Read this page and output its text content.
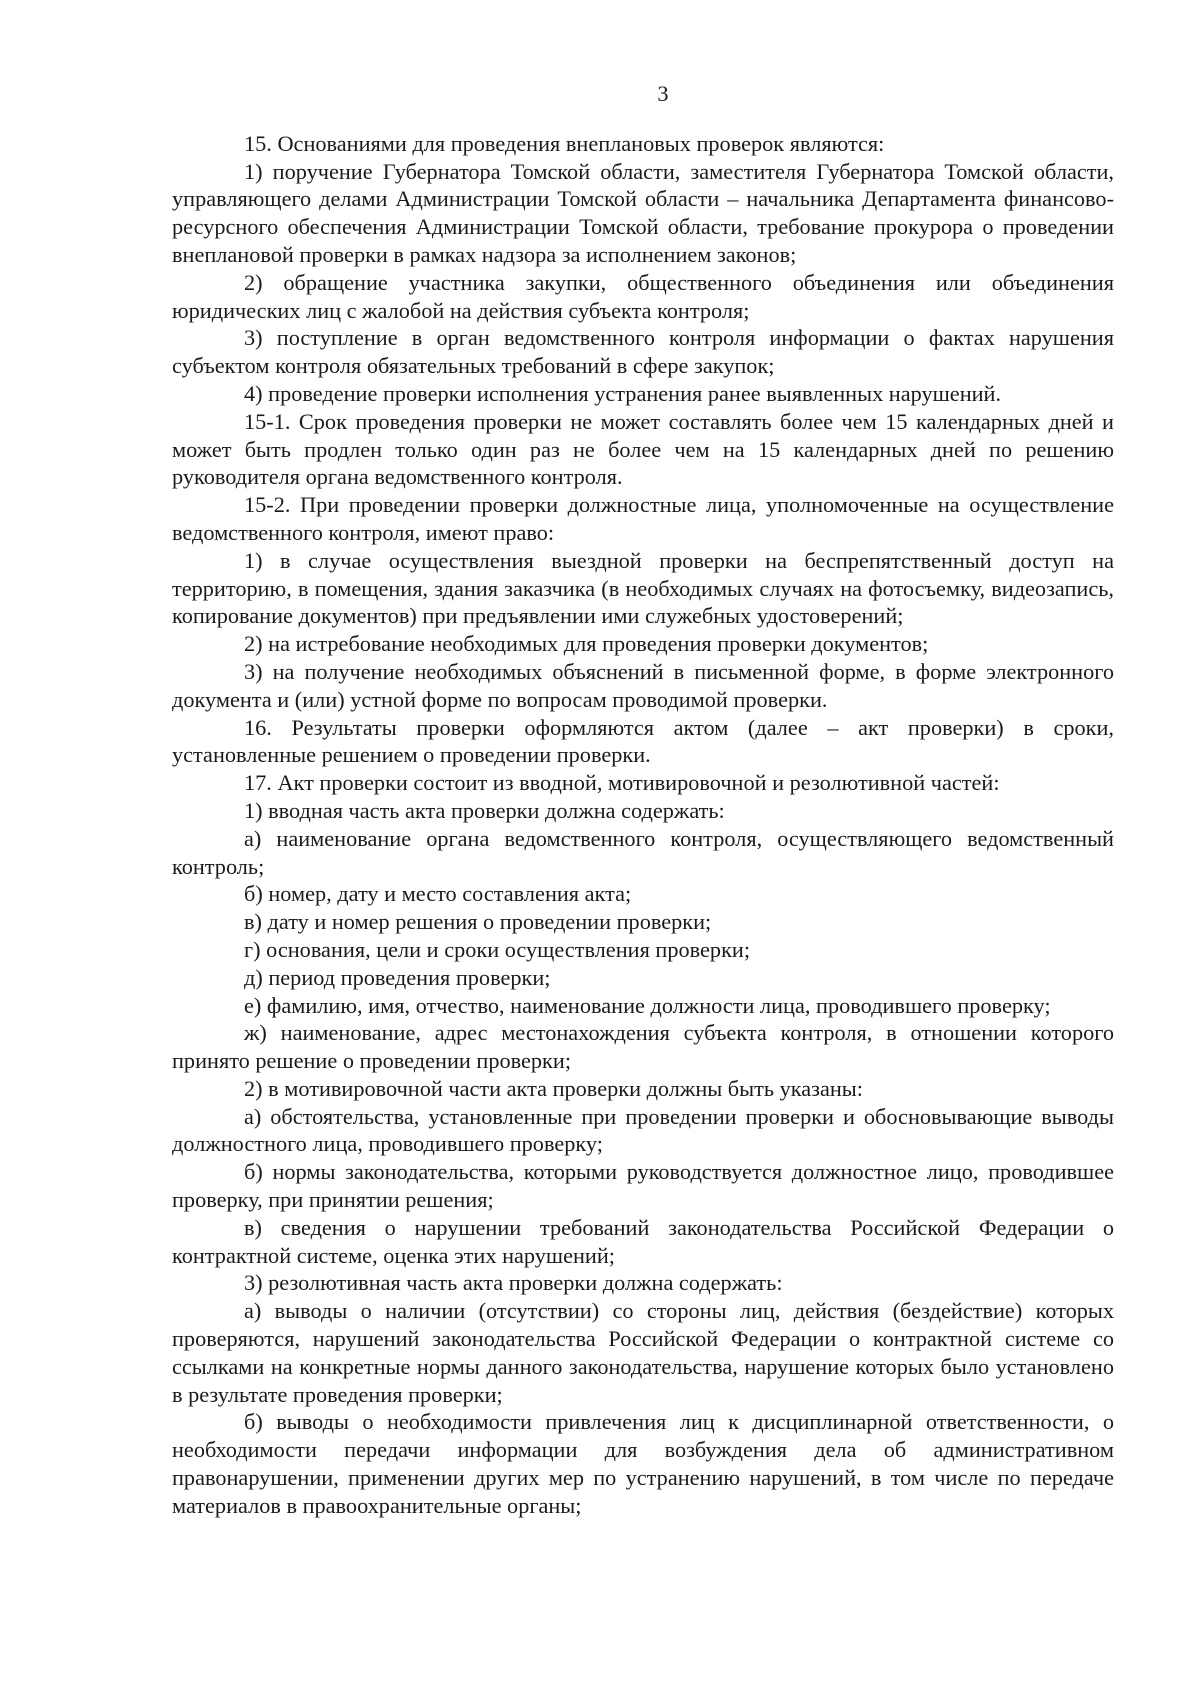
3

15. Основаниями для проведения внеплановых проверок являются:

1) поручение Губернатора Томской области, заместителя Губернатора Томской области, управляющего делами Администрации Томской области – начальника Департамента финансово-ресурсного обеспечения Администрации Томской области, требование прокурора о проведении внеплановой проверки в рамках надзора за исполнением законов;

2) обращение участника закупки, общественного объединения или объединения юридических лиц с жалобой на действия субъекта контроля;

3) поступление в орган ведомственного контроля информации о фактах нарушения субъектом контроля обязательных требований в сфере закупок;

4) проведение проверки исполнения устранения ранее выявленных нарушений.

15-1. Срок проведения проверки не может составлять более чем 15 календарных дней и может быть продлен только один раз не более чем на 15 календарных дней по решению руководителя органа ведомственного контроля.

15-2. При проведении проверки должностные лица, уполномоченные на осуществление ведомственного контроля, имеют право:

1) в случае осуществления выездной проверки на беспрепятственный доступ на территорию, в помещения, здания заказчика (в необходимых случаях на фотосъемку, видеозапись, копирование документов) при предъявлении ими служебных удостоверений;

2) на истребование необходимых для проведения проверки документов;

3) на получение необходимых объяснений в письменной форме, в форме электронного документа и (или) устной форме по вопросам проводимой проверки.

16. Результаты проверки оформляются актом (далее – акт проверки) в сроки, установленные решением о проведении проверки.

17. Акт проверки состоит из вводной, мотивировочной и резолютивной частей:

1) вводная часть акта проверки должна содержать:

а) наименование органа ведомственного контроля, осуществляющего ведомственный контроль;

б) номер, дату и место составления акта;

в) дату и номер решения о проведении проверки;

г) основания, цели и сроки осуществления проверки;

д) период проведения проверки;

е) фамилию, имя, отчество, наименование должности лица, проводившего проверку;

ж) наименование, адрес местонахождения субъекта контроля, в отношении которого принято решение о проведении проверки;

2) в мотивировочной части акта проверки должны быть указаны:

а) обстоятельства, установленные при проведении проверки и обосновывающие выводы должностного лица, проводившего проверку;

б) нормы законодательства, которыми руководствуется должностное лицо, проводившее проверку, при принятии решения;

в) сведения о нарушении требований законодательства Российской Федерации о контрактной системе, оценка этих нарушений;

3) резолютивная часть акта проверки должна содержать:

а) выводы о наличии (отсутствии) со стороны лиц, действия (бездействие) которых проверяются, нарушений законодательства Российской Федерации о контрактной системе со ссылками на конкретные нормы данного законодательства, нарушение которых было установлено в результате проведения проверки;

б) выводы о необходимости привлечения лиц к дисциплинарной ответственности, о необходимости передачи информации для возбуждения дела об административном правонарушении, применении других мер по устранению нарушений, в том числе по передаче материалов в правоохранительные органы;
